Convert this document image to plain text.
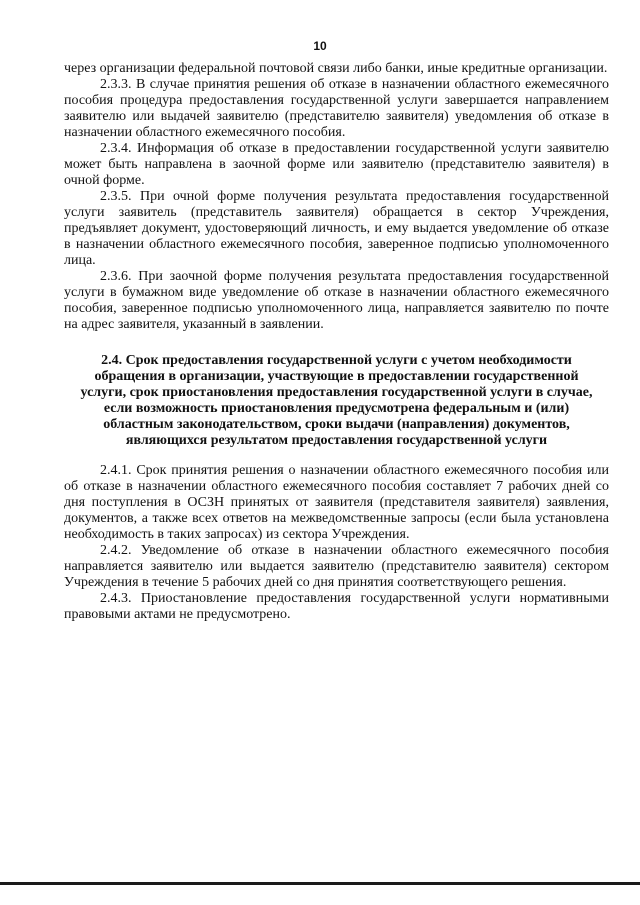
10

через организации федеральной почтовой связи либо банки, иные кредитные организации.

2.3.3. В случае принятия решения об отказе в назначении областного ежемесячного пособия процедура предоставления государственной услуги завершается направлением заявителю или выдачей заявителю (представителю заявителя) уведомления об отказе в назначении областного ежемесячного пособия.

2.3.4. Информация об отказе в предоставлении государственной услуги заявителю может быть направлена в заочной форме или заявителю (представителю заявителя) в очной форме.

2.3.5. При очной форме получения результата предоставления государственной услуги заявитель (представитель заявителя) обращается в сектор Учреждения, предъявляет документ, удостоверяющий личность, и ему выдается уведомление об отказе в назначении областного ежемесячного пособия, заверенное подписью уполномоченного лица.

2.3.6. При заочной форме получения результата предоставления государственной услуги в бумажном виде уведомление об отказе в назначении областного ежемесячного пособия, заверенное подписью уполномоченного лица, направляется заявителю по почте на адрес заявителя, указанный в заявлении.

2.4. Срок предоставления государственной услуги с учетом необходимости обращения в организации, участвующие в предоставлении государственной услуги, срок приостановления предоставления государственной услуги в случае, если возможность приостановления предусмотрена федеральным и (или) областным законодательством, сроки выдачи (направления) документов, являющихся результатом предоставления государственной услуги

2.4.1. Срок принятия решения о назначении областного ежемесячного пособия или об отказе в назначении областного ежемесячного пособия составляет 7 рабочих дней со дня поступления в ОСЗН принятых от заявителя (представителя заявителя) заявления, документов, а также всех ответов на межведомственные запросы (если была установлена необходимость в таких запросах) из сектора Учреждения.

2.4.2. Уведомление об отказе в назначении областного ежемесячного пособия направляется заявителю или выдается заявителю (представителю заявителя) сектором Учреждения в течение 5 рабочих дней со дня принятия соответствующего решения.

2.4.3. Приостановление предоставления государственной услуги нормативными правовыми актами не предусмотрено.
